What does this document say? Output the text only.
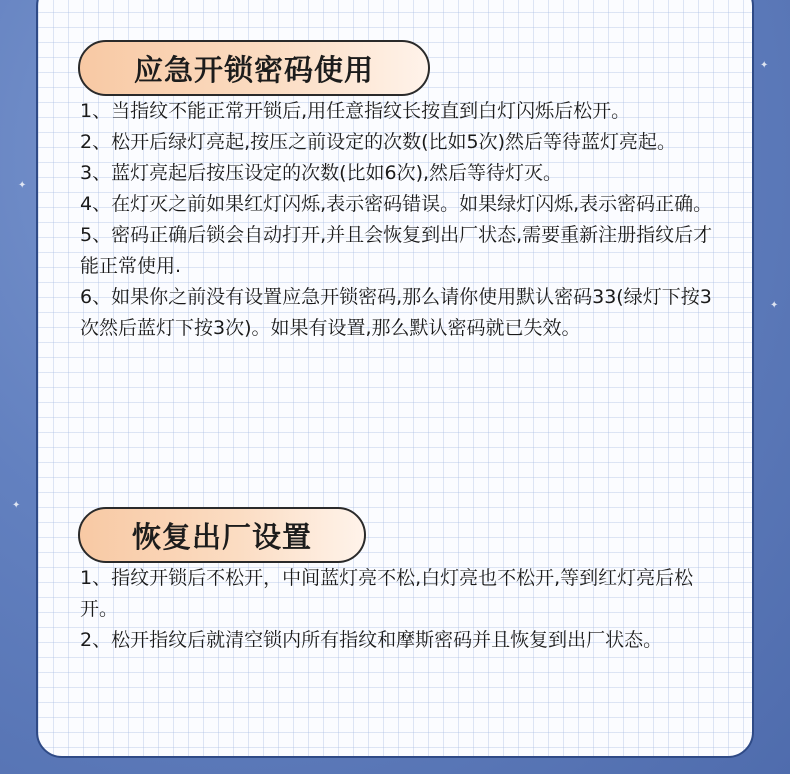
✦
✦
✦
✦
应急开锁密码使用
1、当指纹不能正常开锁后,用任意指纹长按直到白灯闪烁后松开。
2、松开后绿灯亮起,按压之前设定的次数(比如5次)然后等待蓝灯亮起。
3、蓝灯亮起后按压设定的次数(比如6次),然后等待灯灭。
4、在灯灭之前如果红灯闪烁,表示密码错误。如果绿灯闪烁,表示密码正确。
5、密码正确后锁会自动打开,并且会恢复到出厂状态,需要重新注册指纹后才能正常使用.
6、如果你之前没有设置应急开锁密码,那么请你使用默认密码33(绿灯下按3次然后蓝灯下按3次)。如果有设置,那么默认密码就已失效。
恢复出厂设置
1、指纹开锁后不松开，中间蓝灯亮不松,白灯亮也不松开,等到红灯亮后松开。
2、松开指纹后就清空锁内所有指纹和摩斯密码并且恢复到出厂状态。
